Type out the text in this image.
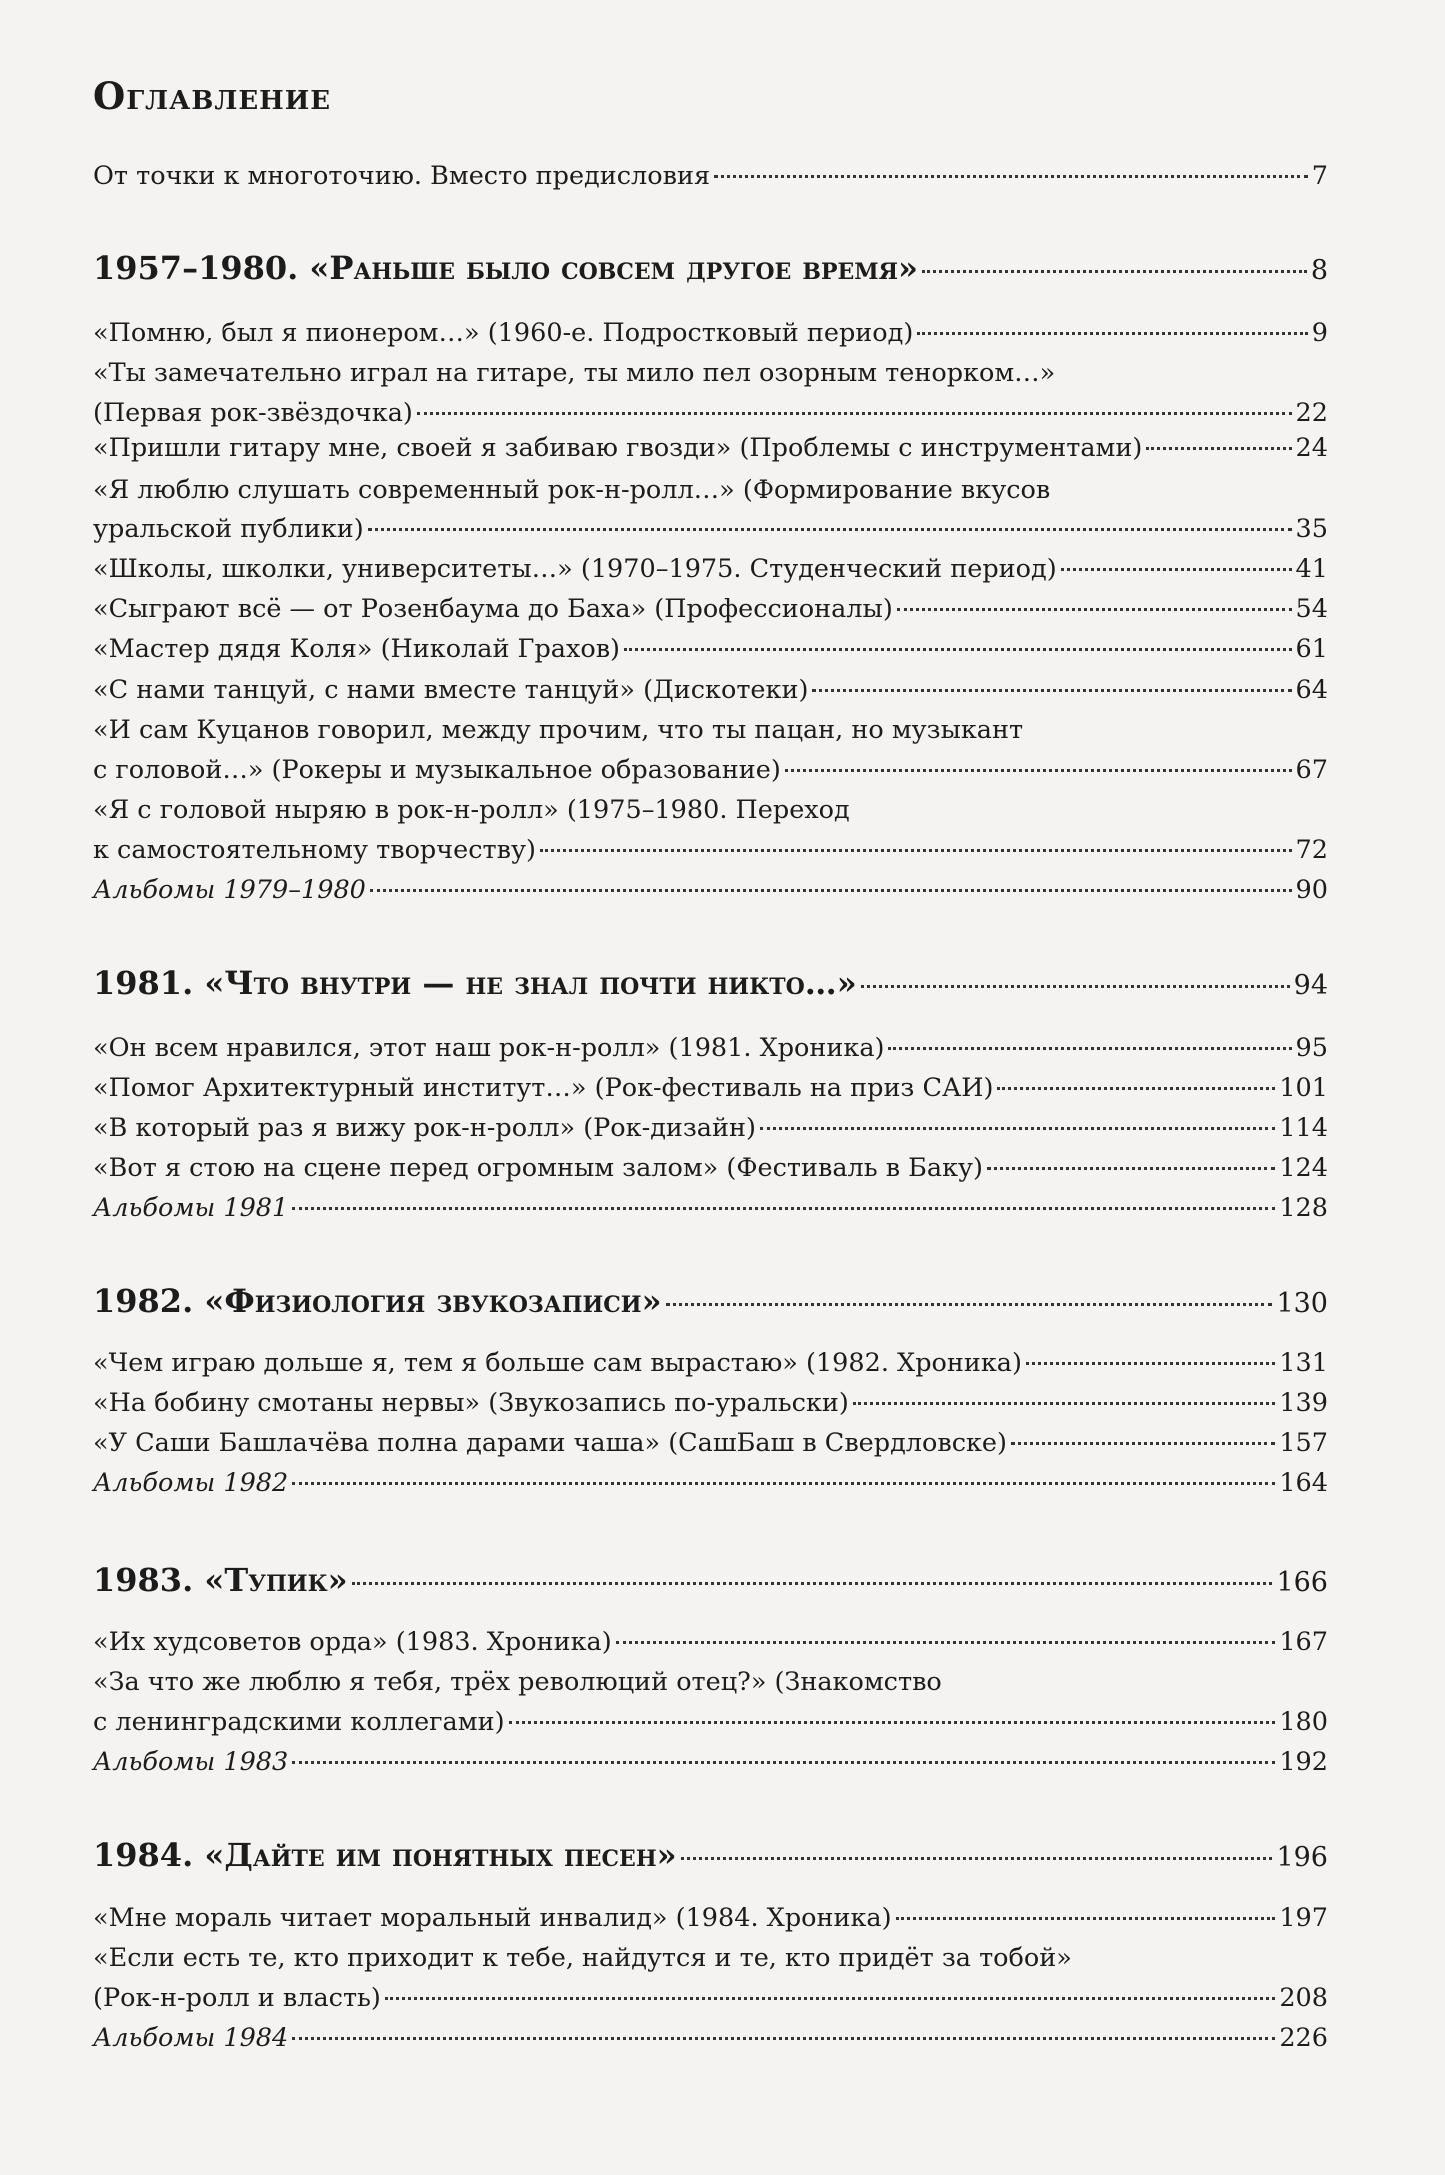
Оглавление
От точки к многоточию. Вместо предисловия	7
1957–1980. «Раньше было совсем другое время»	8
«Помню, был я пионером…» (1960-е. Подростковый период)	9
«Ты замечательно играл на гитаре, ты мило пел озорным тенорком…»
(Первая рок-звёздочка)	22
«Пришли гитару мне, своей я забиваю гвозди» (Проблемы с инструментами)	24
«Я люблю слушать современный рок-н-ролл…» (Формирование вкусов
уральской публики)	35
«Школы, школки, университеты…» (1970–1975. Студенческий период)	41
«Сыграют всё — от Розенбаума до Баха» (Профессионалы)	54
«Мастер дядя Коля» (Николай Грахов)	61
«С нами танцуй, с нами вместе танцуй» (Дискотеки)	64
«И сам Куцанов говорил, между прочим, что ты пацан, но музыкант
с головой…» (Рокеры и музыкальное образование)	67
«Я с головой ныряю в рок-н-ролл» (1975–1980. Переход
к самостоятельному творчеству)	72
Альбомы 1979–1980	90
1981. «Что внутри — не знал почти никто…»	94
«Он всем нравился, этот наш рок-н-ролл» (1981. Хроника)	95
«Помог Архитектурный институт…» (Рок-фестиваль на приз САИ)	101
«В который раз я вижу рок-н-ролл» (Рок-дизайн)	114
«Вот я стою на сцене перед огромным залом» (Фестиваль в Баку)	124
Альбомы 1981	128
1982. «Физиология звукозаписи»	130
«Чем играю дольше я, тем я больше сам вырастаю» (1982. Хроника)	131
«На бобину смотаны нервы» (Звукозапись по-уральски)	139
«У Саши Башлачёва полна дарами чаша» (СашБаш в Свердловске)	157
Альбомы 1982	164
1983. «Тупик»	166
«Их худсоветов орда» (1983. Хроника)	167
«За что же люблю я тебя, трёх революций отец?» (Знакомство
с ленинградскими коллегами)	180
Альбомы 1983	192
1984. «Дайте им понятных песен»	196
«Мне мораль читает моральный инвалид» (1984. Хроника)	197
«Если есть те, кто приходит к тебе, найдутся и те, кто придёт за тобой»
(Рок-н-ролл и власть)	208
Альбомы 1984	226
